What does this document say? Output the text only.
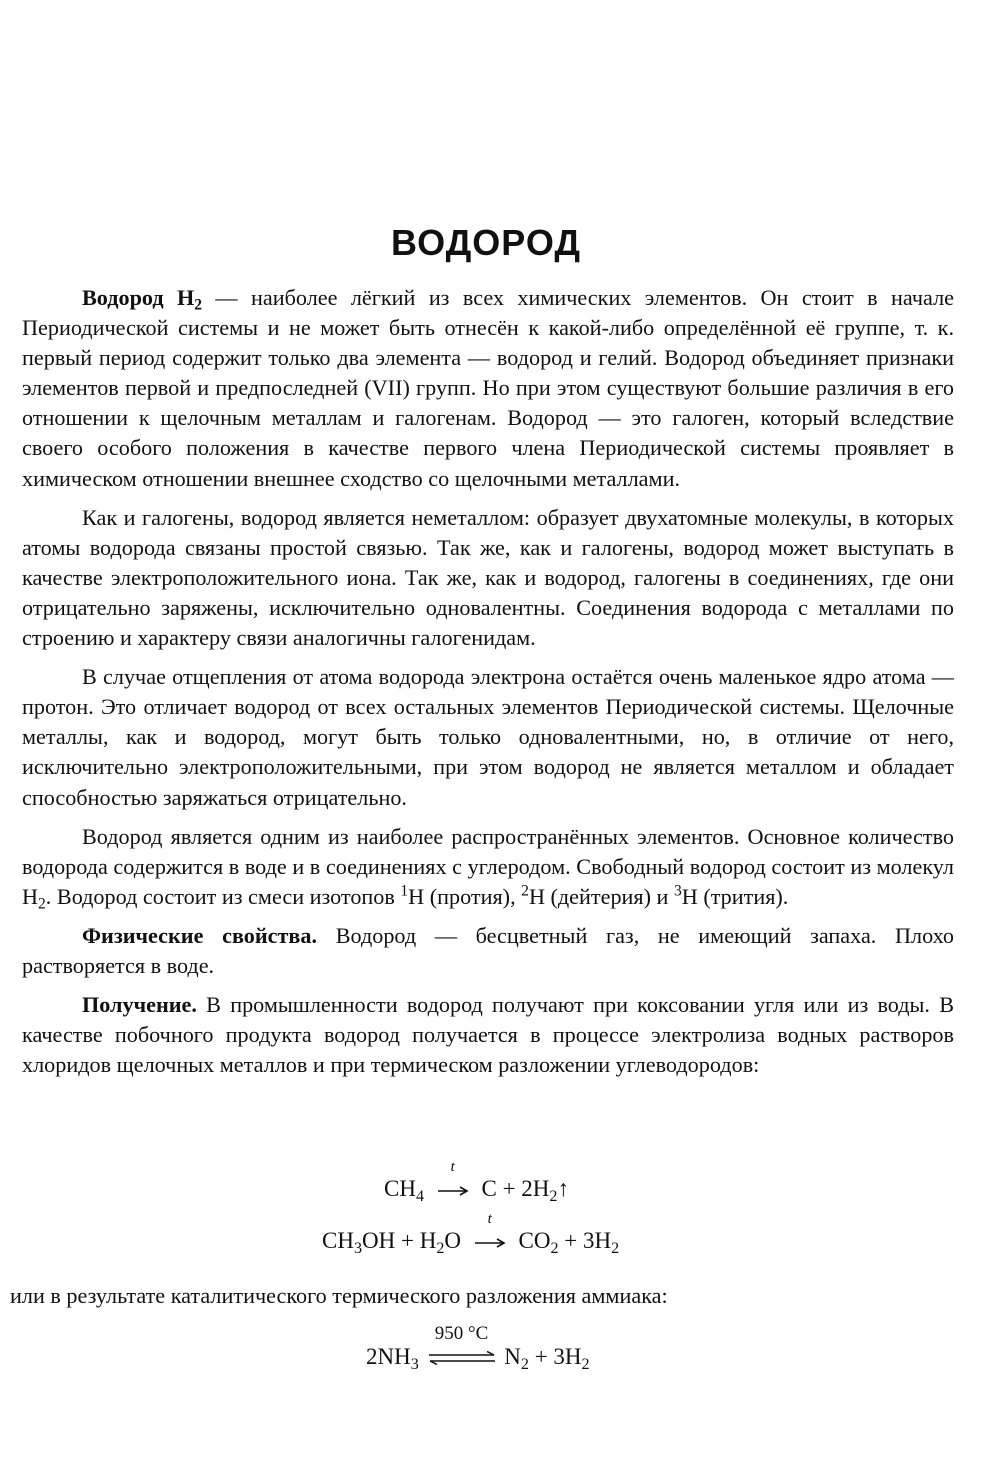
ВОДОРОД

Водород $H_2$ — наиболее лёгкий из всех химических элементов. Он стоит в начале Периодической системы и не может быть отнесён к какой-либо определённой её группе, т. к. первый период содержит только два элемента — водород и гелий. Водород объединяет признаки элементов первой и предпоследней (VII) групп. Но при этом существуют большие различия в его отношении к щелочным металлам и галогенам. Водород — это галоген, который вследствие своего особого положения в качестве первого члена Периодической системы проявляет в химическом отношении внешнее сходство со щелочными металлами.

Как и галогены, водород является неметаллом: образует двухатомные молекулы, в которых атомы водорода связаны простой связью. Так же, как и галогены, водород может выступать в качестве электроположительного иона. Так же, как и водород, галогены в соединениях, где они отрицательно заряжены, исключительно одновалентны. Соединения водорода с металлами по строению и характеру связи аналогичны галогенидам.

В случае отщепления от атома водорода электрона остаётся очень маленькое ядро атома — протон. Это отличает водород от всех остальных элементов Периодической системы. Щелочные металлы, как и водород, могут быть только одновалентными, но, в отличие от него, исключительно электроположительными, при этом водород не является металлом и обладает способностью заряжаться отрицательно.

Водород является одним из наиболее распространённых элементов. Основное количество водорода содержится в воде и в соединениях с углеродом. Свободный водород состоит из молекул $H_2$. Водород состоит из смеси изотопов $^1$H (протия), $^2$H (дейтерия) и $^3$H (трития).

Физические свойства. Водород — бесцветный газ, не имеющий запаха. Плохо растворяется в воде.

Получение. В промышленности водород получают при коксовании угля или из воды. В качестве побочного продукта водород получается в процессе электролиза водных растворов хлоридов щелочных металлов и при термическом разложении углеводородов:

$CH_4$
t
$C + 2H_2↑$
$CH_3OH + H_2O$
t
$CO_2 + 3H_2$
или в результате каталитического термического разложения аммиака:
$2NH_3$
950 °C
$N_2 + 3H_2$
